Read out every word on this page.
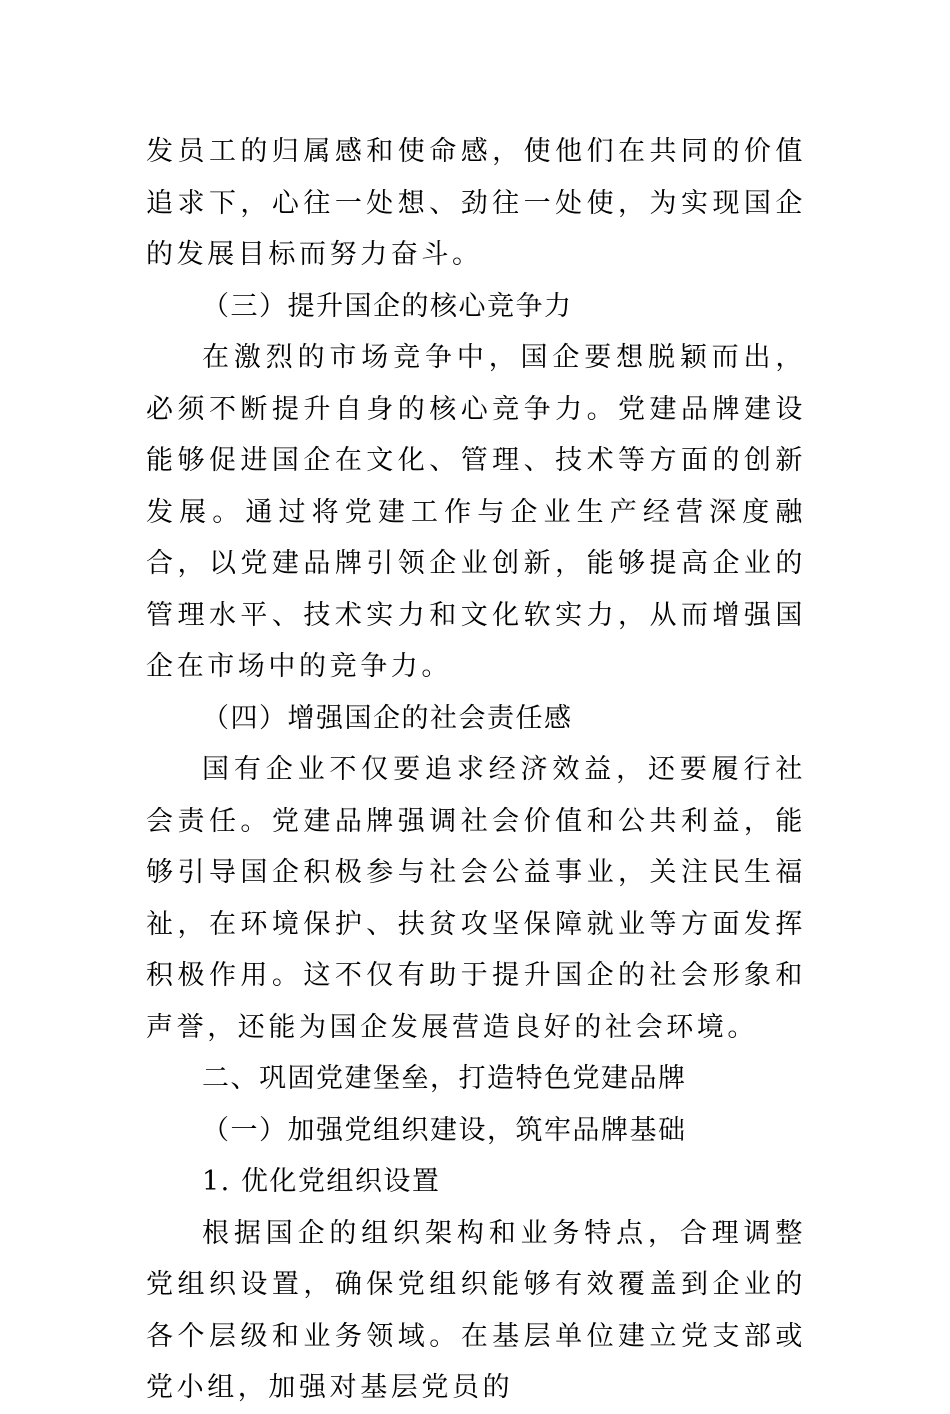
发员工的归属感和使命感，使他们在共同的价值追求下，心往一处想、劲往一处使，为实现国企的发展目标而努力奋斗。

（三）提升国企的核心竞争力

在激烈的市场竞争中，国企要想脱颖而出，必须不断提升自身的核心竞争力。党建品牌建设能够促进国企在文化、管理、技术等方面的创新发展。通过将党建工作与企业生产经营深度融合，以党建品牌引领企业创新，能够提高企业的管理水平、技术实力和文化软实力，从而增强国企在市场中的竞争力。

（四）增强国企的社会责任感

国有企业不仅要追求经济效益，还要履行社会责任。党建品牌强调社会价值和公共利益，能够引导国企积极参与社会公益事业，关注民生福祉，在环境保护、扶贫攻坚保障就业等方面发挥积极作用。这不仅有助于提升国企的社会形象和声誉，还能为国企发展营造良好的社会环境。

二、巩固党建堡垒，打造特色党建品牌

（一）加强党组织建设，筑牢品牌基础

1. 优化党组织设置

根据国企的组织架构和业务特点，合理调整党组织设置，确保党组织能够有效覆盖到企业的各个层级和业务领域。在基层单位建立党支部或党小组，加强对基层党员的
